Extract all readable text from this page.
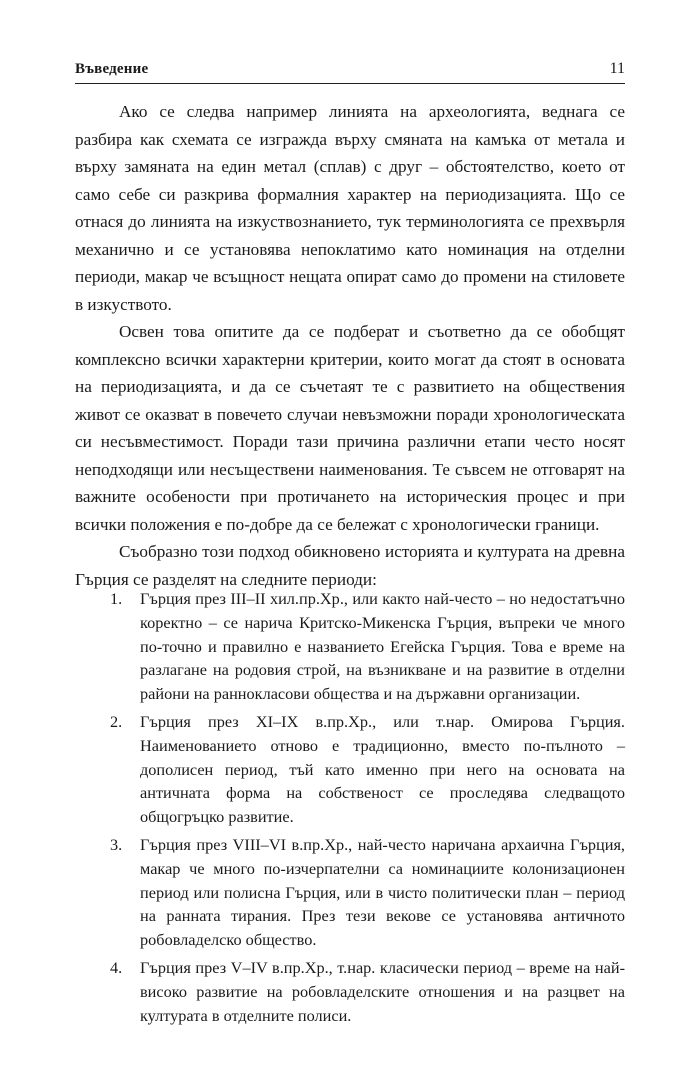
Въведение	11

Ако се следва например линията на археологията, веднага се разбира как схемата се изгражда върху смяната на камъка от метала и върху замяната на един метал (сплав) с друг – обстоятелство, което от само себе си разкрива формалния характер на периодизацията. Що се отнася до линията на изкуствознанието, тук терминологията се прехвърля механично и се установява непоклатимо като номинация на отделни периоди, макар че всъщност нещата опират само до промени на стиловете в изкуството.

Освен това опитите да се подберат и съответно да се обобщят комплексно всички характерни критерии, които могат да стоят в основата на периодизацията, и да се съчетаят те с развитието на обществения живот се оказват в повечето случаи невъзможни поради хронологическата си несъвместимост. Поради тази причина различни етапи често носят неподходящи или несъществени наименования. Те съвсем не отговарят на важните особености при протичането на историческия процес и при всички положения е по-добре да се бележат с хронологически граници.

Съобразно този подход обикновено историята и културата на древна Гърция се разделят на следните периоди:

1. Гърция през III–II хил.пр.Хр., или както най-често – но недостатъчно коректно – се нарича Критско-Микенска Гърция, въпреки че много по-точно и правилно е названието Егейска Гърция. Това е време на разлагане на родовия строй, на възникване и на развитие в отделни райони на раннокласови общества и на държавни организации.
2. Гърция през XI–IX в.пр.Хр., или т.нар. Омирова Гърция. Наименованието отново е традиционно, вместо по-пълното – дополисен период, тъй като именно при него на основата на античната форма на собственост се проследява следващото общогръцко развитие.
3. Гърция през VIII–VI в.пр.Хр., най-често наричана архаична Гърция, макар че много по-изчерпателни са номинациите колонизационен период или полисна Гърция, или в чисто политически план – период на ранната тирания. През тези векове се установява античното робовладелско общество.
4. Гърция през V–IV в.пр.Хр., т.нар. класически период – време на най-високо развитие на робовладелските отношения и на разцвет на културата в отделните полиси.
